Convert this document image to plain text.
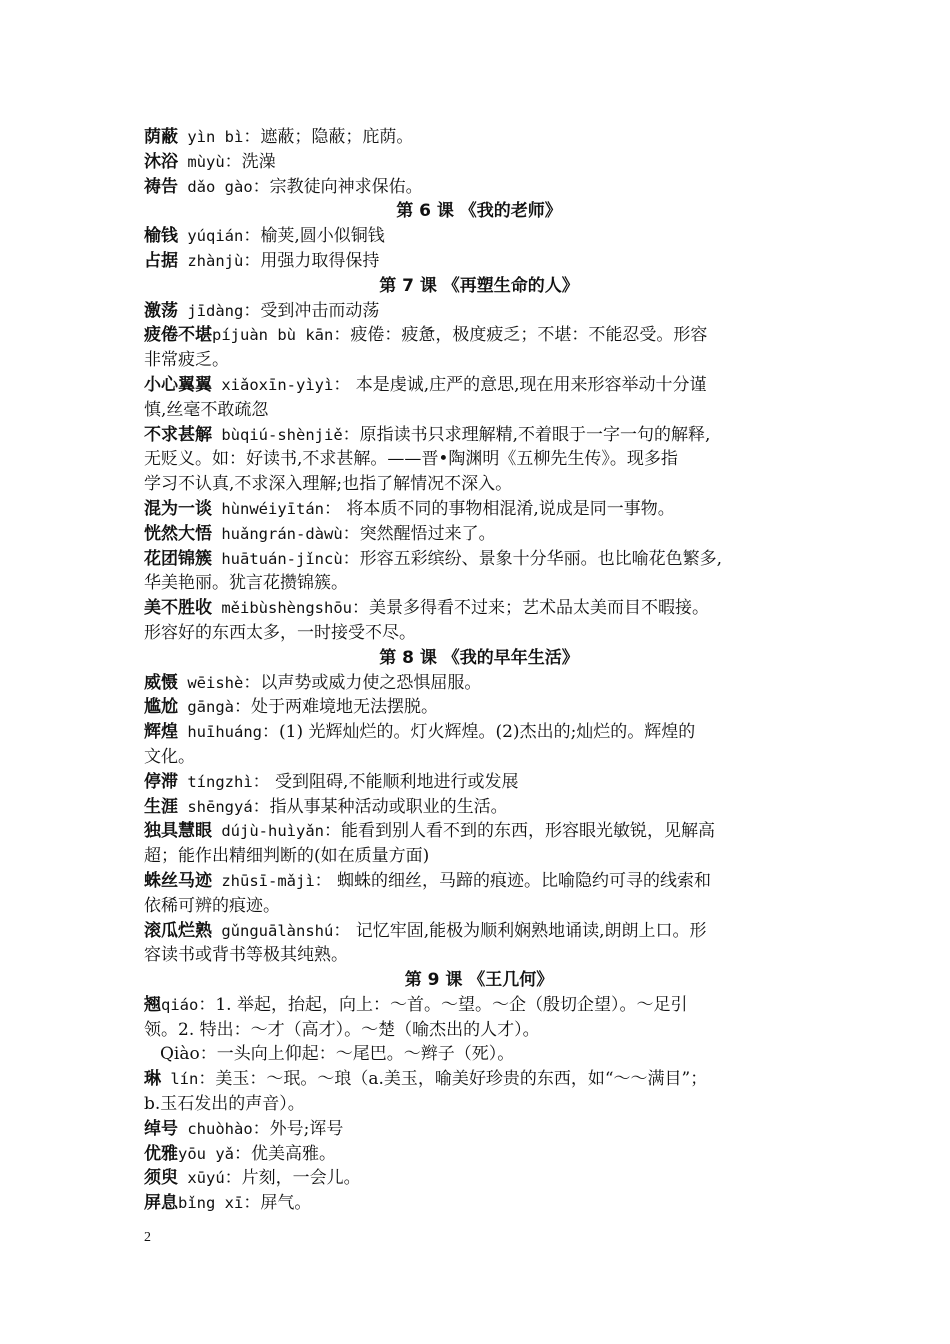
荫蔽 yìn bì：遮蔽；隐蔽；庇荫。
沐浴 mùyù：洗澡
祷告 dǎo gào：宗教徒向神求保佑。
第 6 课 《我的老师》
榆钱 yúqián：榆荚,圆小似铜钱
占据 zhànjù：用强力取得保持
第 7 课 《再塑生命的人》
激荡 jīdàng：受到冲击而动荡
疲倦不堪píjuàn bù kān：疲倦：疲惫，极度疲乏；不堪：不能忍受。形容
非常疲乏。
小心翼翼 xiǎoxīn-yìyì： 本是虔诚,庄严的意思,现在用来形容举动十分谨
慎,丝毫不敢疏忽
不求甚解 bùqiú-shènjiě：原指读书只求理解精,不着眼于一字一句的解释,
无贬义。如：好读书,不求甚解。——晋•陶渊明《五柳先生传》。现多指
学习不认真,不求深入理解;也指了解情况不深入。
混为一谈 hùnwéiyītán： 将本质不同的事物相混淆,说成是同一事物。
恍然大悟 huǎngrán-dàwù：突然醒悟过来了。
花团锦簇 huātuán-jǐncù：形容五彩缤纷、景象十分华丽。也比喻花色繁多,
华美艳丽。犹言花攒锦簇。
美不胜收 měibùshèngshōu：美景多得看不过来；艺术品太美而目不暇接。
形容好的东西太多，一时接受不尽。
第 8 课 《我的早年生活》
威慑 wēishè：以声势或威力使之恐惧屈服。
尴尬 gāngà：处于两难境地无法摆脱。
辉煌 huīhuáng：(1) 光辉灿烂的。灯火辉煌。(2)杰出的;灿烂的。辉煌的
文化。
停滞 tíngzhì： 受到阻碍,不能顺利地进行或发展
生涯 shēngyá：指从事某种活动或职业的生活。
独具慧眼 dújù-huìyǎn：能看到别人看不到的东西，形容眼光敏锐，见解高
超；能作出精细判断的(如在质量方面)
蛛丝马迹 zhūsī-mǎjì： 蜘蛛的细丝，马蹄的痕迹。比喻隐约可寻的线索和
依稀可辨的痕迹。
滚瓜烂熟 gǔnguālànshú： 记忆牢固,能极为顺利娴熟地诵读,朗朗上口。形
容读书或背书等极其纯熟。
第 9 课 《王几何》
翘qiáo：1. 举起，抬起，向上：～首。～望。～企（殷切企望）。～足引
领。2. 特出：～才（高才）。～楚（喻杰出的人才）。
Qiào：一头向上仰起：～尾巴。～辫子（死）。
琳 lín：美玉：～珉。～琅（a.美玉，喻美好珍贵的东西，如“～～满目”；
b.玉石发出的声音）。
绰号 chuòhào：外号;诨号
优雅yōu yǎ：优美高雅。
须臾 xūyú：片刻，一会儿。
屏息bǐng xī：屏气。
2
